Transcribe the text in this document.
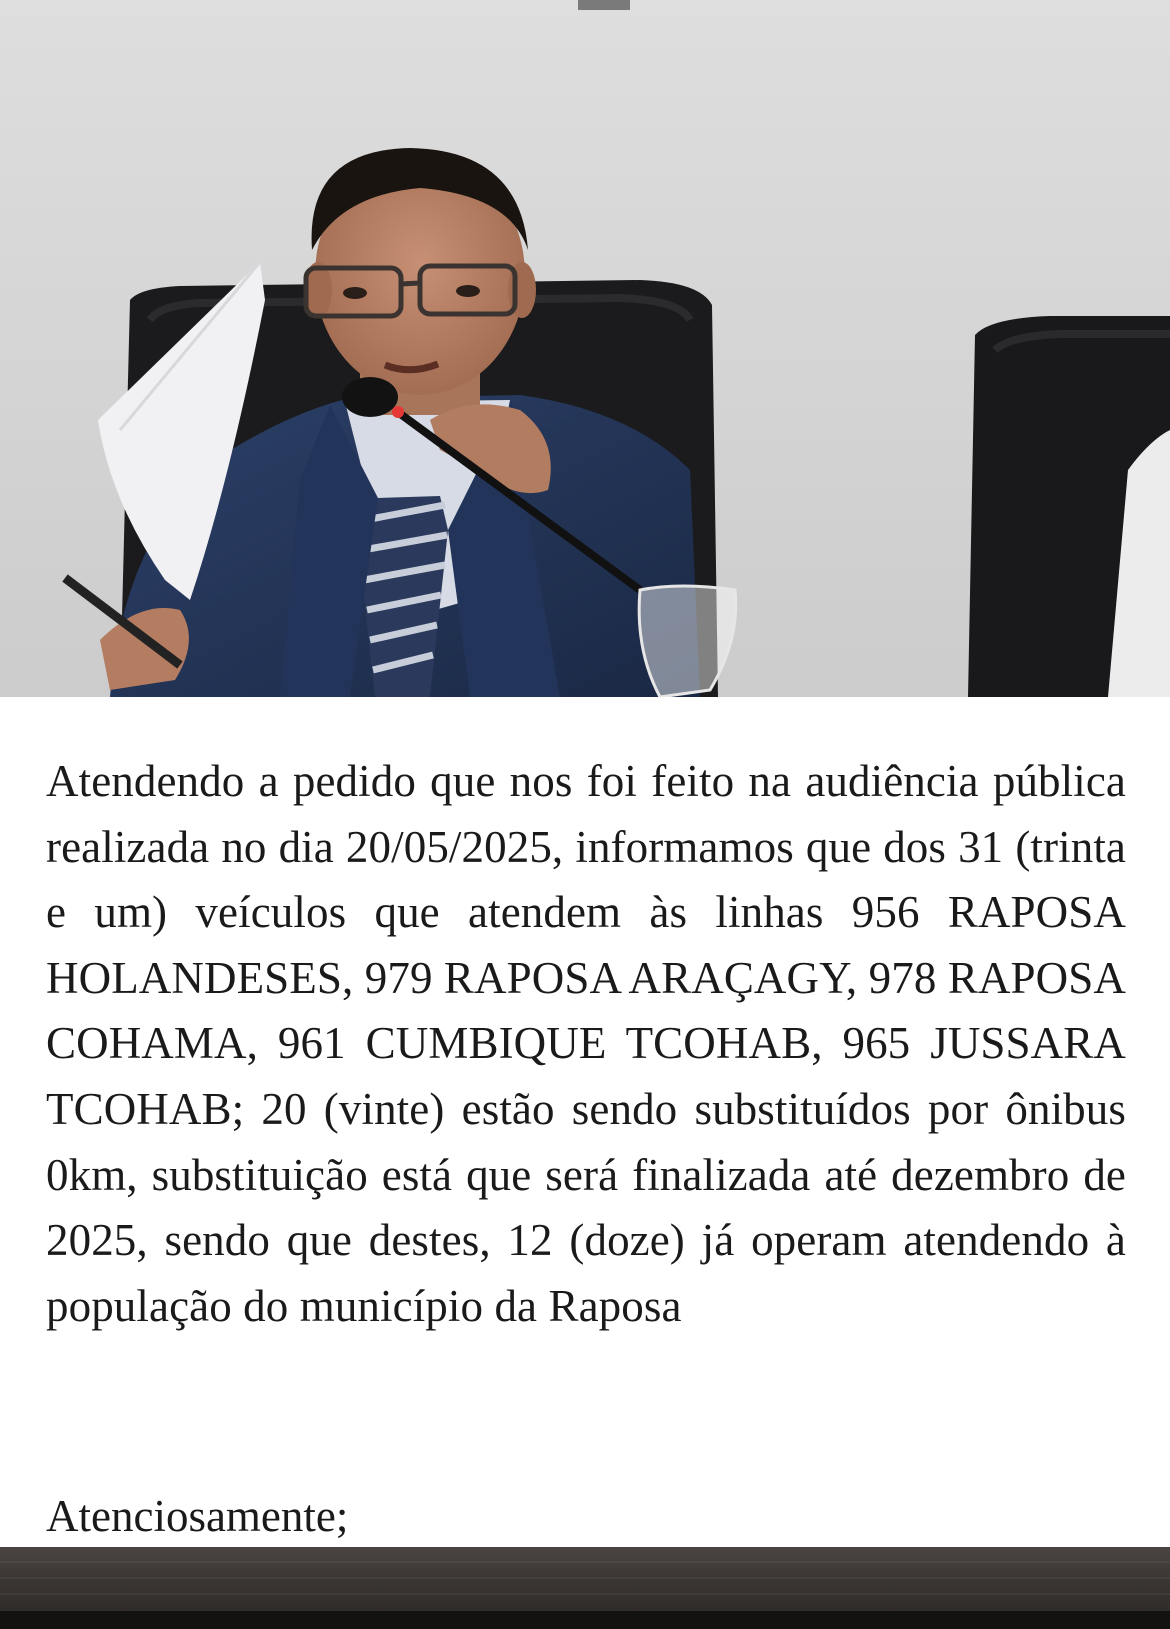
Atendendo a pedido que nos foi feito na audiência pública realizada no dia 20/05/2025, informamos que dos 31 (trinta e um) veículos que atendem às linhas 956 RAPOSA HOLANDESES, 979 RAPOSA ARAÇAGY, 978 RAPOSA COHAMA, 961 CUMBIQUE TCOHAB, 965 JUSSARA TCOHAB; 20 (vinte) estão sendo substituídos por ônibus 0km, substituição está que será finalizada até dezembro de 2025, sendo que destes, 12 (doze) já operam atendendo à população do município da Raposa

Atenciosamente;
